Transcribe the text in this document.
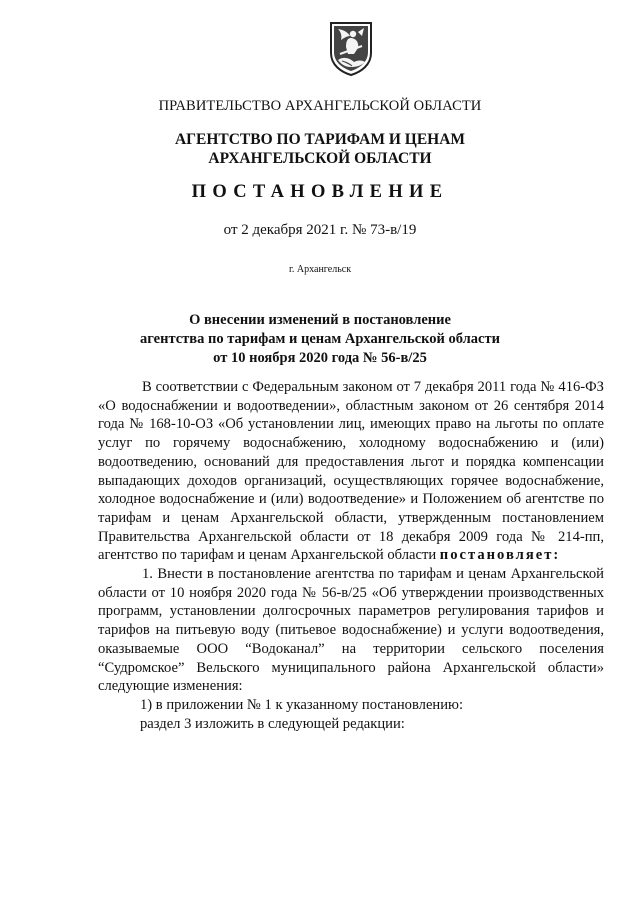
ПРАВИТЕЛЬСТВО АРХАНГЕЛЬСКОЙ ОБЛАСТИ
АГЕНТСТВО ПО ТАРИФАМ И ЦЕНАМ
АРХАНГЕЛЬСКОЙ ОБЛАСТИ
ПОСТАНОВЛЕНИЕ
от 2 декабря 2021 г. № 73-в/19
г. Архангельск
О внесении изменений в постановление
агентства по тарифам и ценам Архангельской области
от 10 ноября 2020 года № 56-в/25

В соответствии с Федеральным законом от 7 декабря 2011 года № 416-ФЗ «О водоснабжении и водоотведении», областным законом от 26 сентября 2014 года № 168-10-ОЗ «Об установлении лиц, имеющих право на льготы по оплате услуг по горячему водоснабжению, холодному водоснабжению и (или) водоотведению, оснований для предоставления льгот и порядка компенсации выпадающих доходов организаций, осуществляющих горячее водоснабжение, холодное водоснабжение и (или) водоотведение» и Положением об агентстве по тарифам и ценам Архангельской области, утвержденным постановлением Правительства Архангельской области от 18 декабря 2009 года № 214-пп, агентство по тарифам и ценам Архангельской области постановляет:

1. Внести в постановление агентства по тарифам и ценам Архангельской области от 10 ноября 2020 года № 56-в/25 «Об утверждении производственных программ, установлении долгосрочных параметров регулирования тарифов и тарифов на питьевую воду (питьевое водоснабжение) и услуги водоотведения, оказываемые ООО “Водоканал” на территории сельского поселения “Судромское” Вельского муниципального района Архангельской области» следующие изменения:

1) в приложении № 1 к указанному постановлению:

раздел 3 изложить в следующей редакции:
